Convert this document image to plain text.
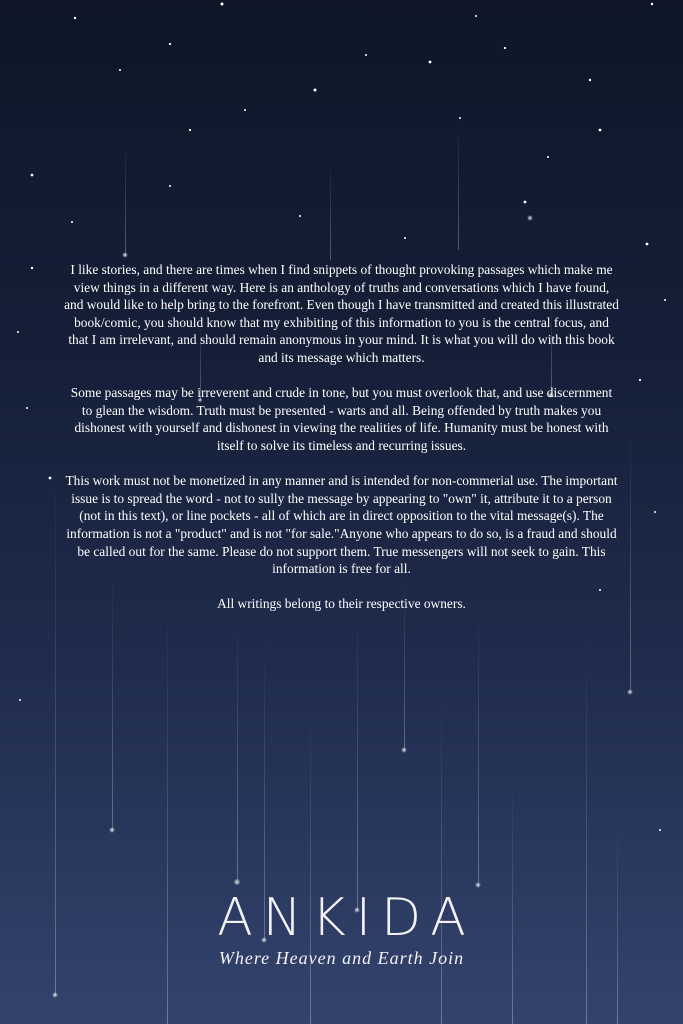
I like stories, and there are times when I find snippets of thought provoking passages which make me view things in a different way. Here is an anthology of truths and conversations which I have found, and would like to help bring to the forefront. Even though I have transmitted and created this illustrated book/comic, you should know that my exhibiting of this information to you is the central focus, and that I am irrelevant, and should remain anonymous in your mind. It is what you will do with this book and its message which matters.

Some passages may be irreverent and crude in tone, but you must overlook that, and use discernment to glean the wisdom. Truth must be presented - warts and all. Being offended by truth makes you dishonest with yourself and dishonest in viewing the realities of life. Humanity must be honest with itself to solve its timeless and recurring issues.

This work must not be monetized in any manner and is intended for non-commerial use. The important issue is to spread the word - not to sully the message by appearing to "own" it, attribute it to a person (not in this text), or line pockets - all of which are in direct opposition to the vital message(s). The information is not a "product" and is not "for sale."Anyone who appears to do so, is a fraud and should be called out for the same. Please do not support them. True messengers will not seek to gain. This information is free for all.

All writings belong to their respective owners.

ANKIDA
Where Heaven and Earth Join
